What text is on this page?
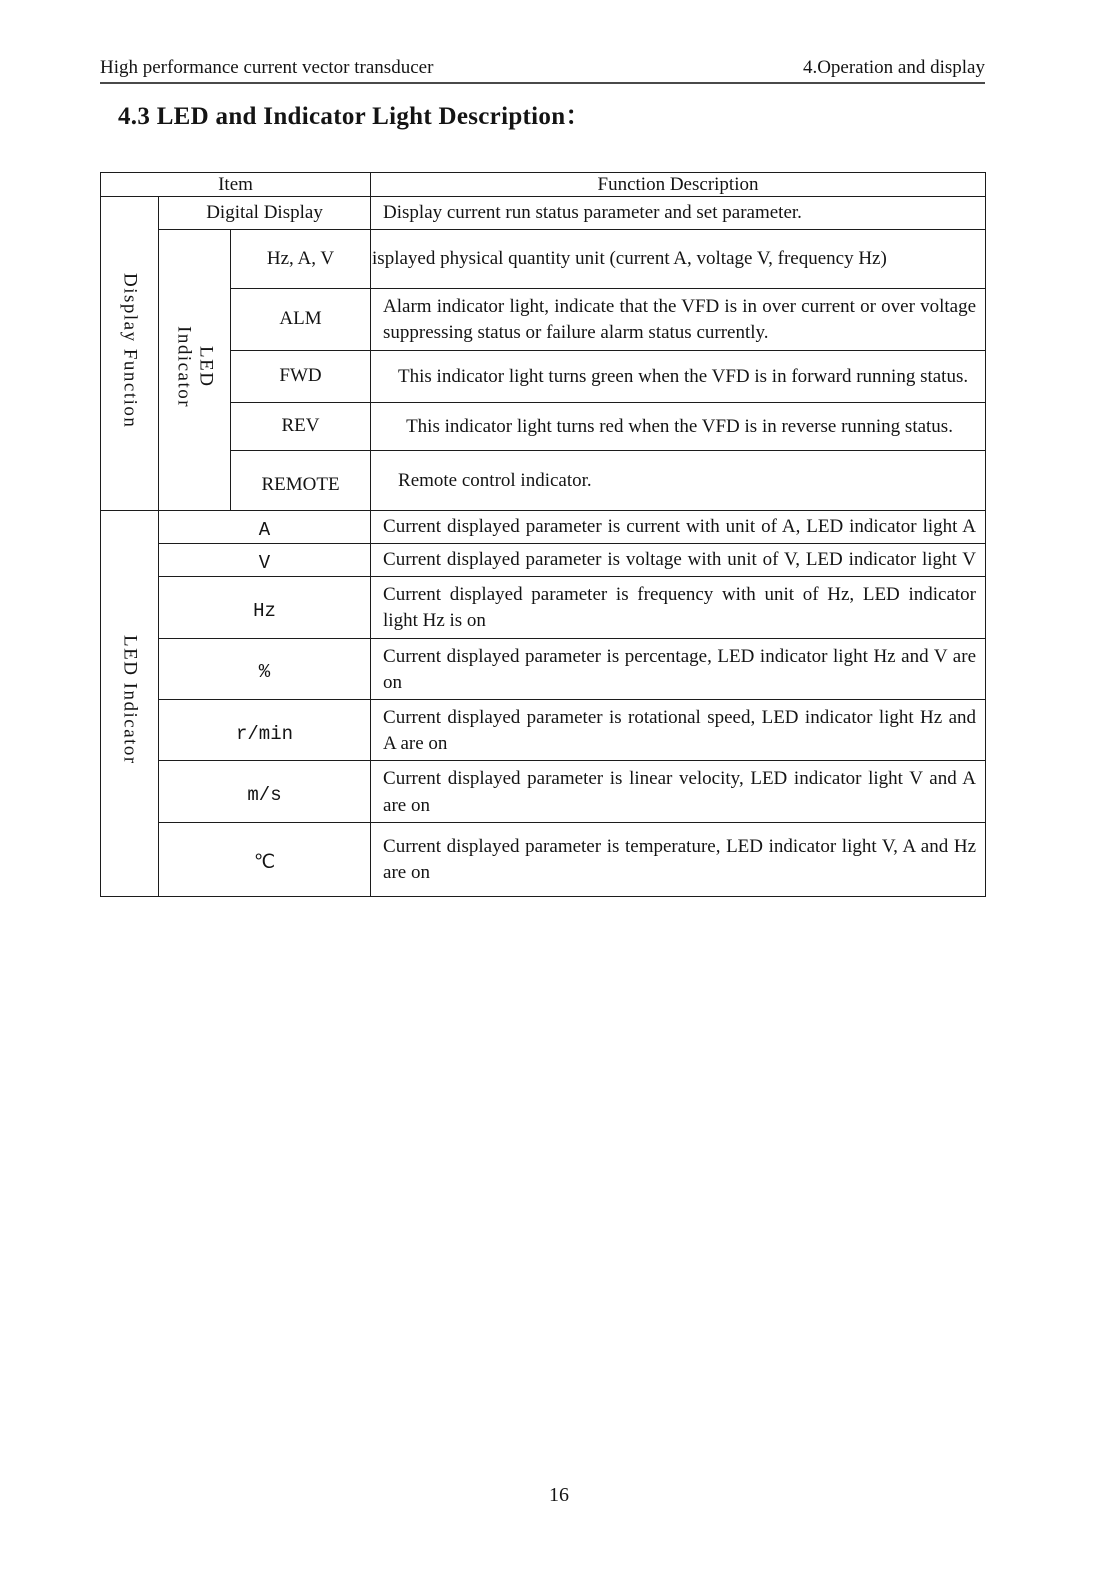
High performance current vector transducer	4.Operation and display
4.3 LED and Indicator Light Description：
Item			Function Description
Display Function	Digital Display		Display current run status parameter and set parameter.
	LED
Indicator	Hz, A, V	isplayed physical quantity unit (current A, voltage V, frequency Hz)
		ALM	Alarm indicator light, indicate that the VFD is in over current or over voltage suppressing status or failure alarm status currently.
		FWD	This indicator light turns green when the VFD is in forward running status.
		REV	This indicator light turns red when the VFD is in reverse running status.
		REMOTE	Remote control indicator.
LED Indicator	A		Current displayed parameter is current with unit of A, LED indicator light A
	V		Current displayed parameter is voltage with unit of V, LED indicator light V
	Hz		Current displayed parameter is frequency with unit of Hz, LED indicator light Hz is on
	%		Current displayed parameter is percentage, LED indicator light Hz and V are on
	r/min		Current displayed parameter is rotational speed, LED indicator light Hz and A are on
	m/s		Current displayed parameter is linear velocity, LED indicator light V and A are on
	℃		Current displayed parameter is temperature, LED indicator light V, A and Hz are on
16
